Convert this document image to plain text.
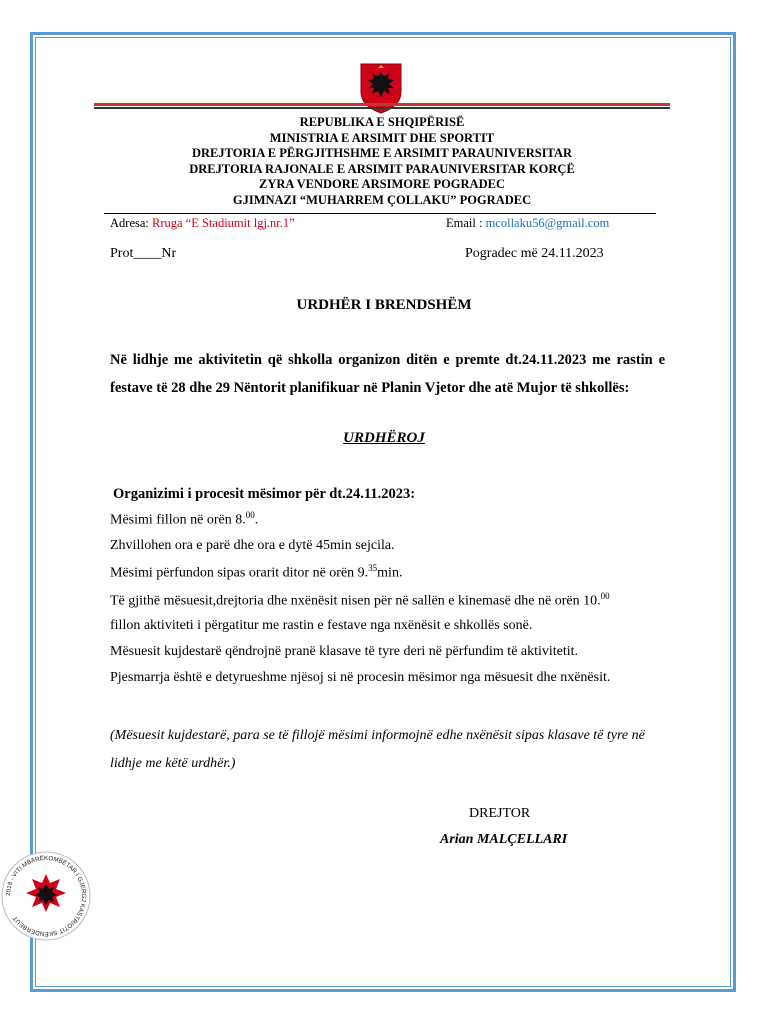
REPUBLIKA E SHQIPËRISË
MINISTRIA E ARSIMIT DHE SPORTIT
DREJTORIA E PËRGJITHSHME E ARSIMIT PARAUNIVERSITAR
DREJTORIA RAJONALE E ARSIMIT PARAUNIVERSITAR KORÇË
ZYRA VENDORE ARSIMORE POGRADEC
GJIMNAZI “MUHARREM ÇOLLAKU” POGRADEC
Adresa: Rruga “E Stadiumit lgj.nr.1”	Email : mcollaku56@gmail.com
Prot____Nr	Pogradec më 24.11.2023
URDHËR I BRENDSHËM
Në lidhje me aktivitetin që shkolla organizon ditën e premte dt.24.11.2023 me rastin e festave të 28 dhe 29 Nëntorit planifikuar në Planin Vjetor dhe atë Mujor të shkollës:
URDHËROJ
Organizimi i procesit mësimor për dt.24.11.2023:
Mësimi fillon në orën 8.00.
Zhvillohen ora e parë dhe ora e dytë 45min sejcila.
Mësimi përfundon sipas orarit ditor në orën 9.35min.
Të gjithë mësuesit,drejtoria dhe nxënësit nisen për në sallën e kinemasë dhe në orën 10.00
fillon aktiviteti i përgatitur me rastin e festave nga nxënësit e shkollës sonë.
Mësuesit kujdestarë qëndrojnë pranë klasave të tyre deri në përfundim të aktivitetit.
Pjesmarrja është e detyrueshme njësoj si në procesin mësimor nga mësuesit dhe nxënësit.
(Mësuesit kujdestarë, para se të fillojë mësimi informojnë edhe nxënësit sipas klasave të tyre në lidhje me këtë urdhër.)
DREJTOR
Arian MALÇELLARI
2018 - VITI MBARËKOMBËTAR I GJERGJ KASTRIOTIT SKËNDERBEUT
